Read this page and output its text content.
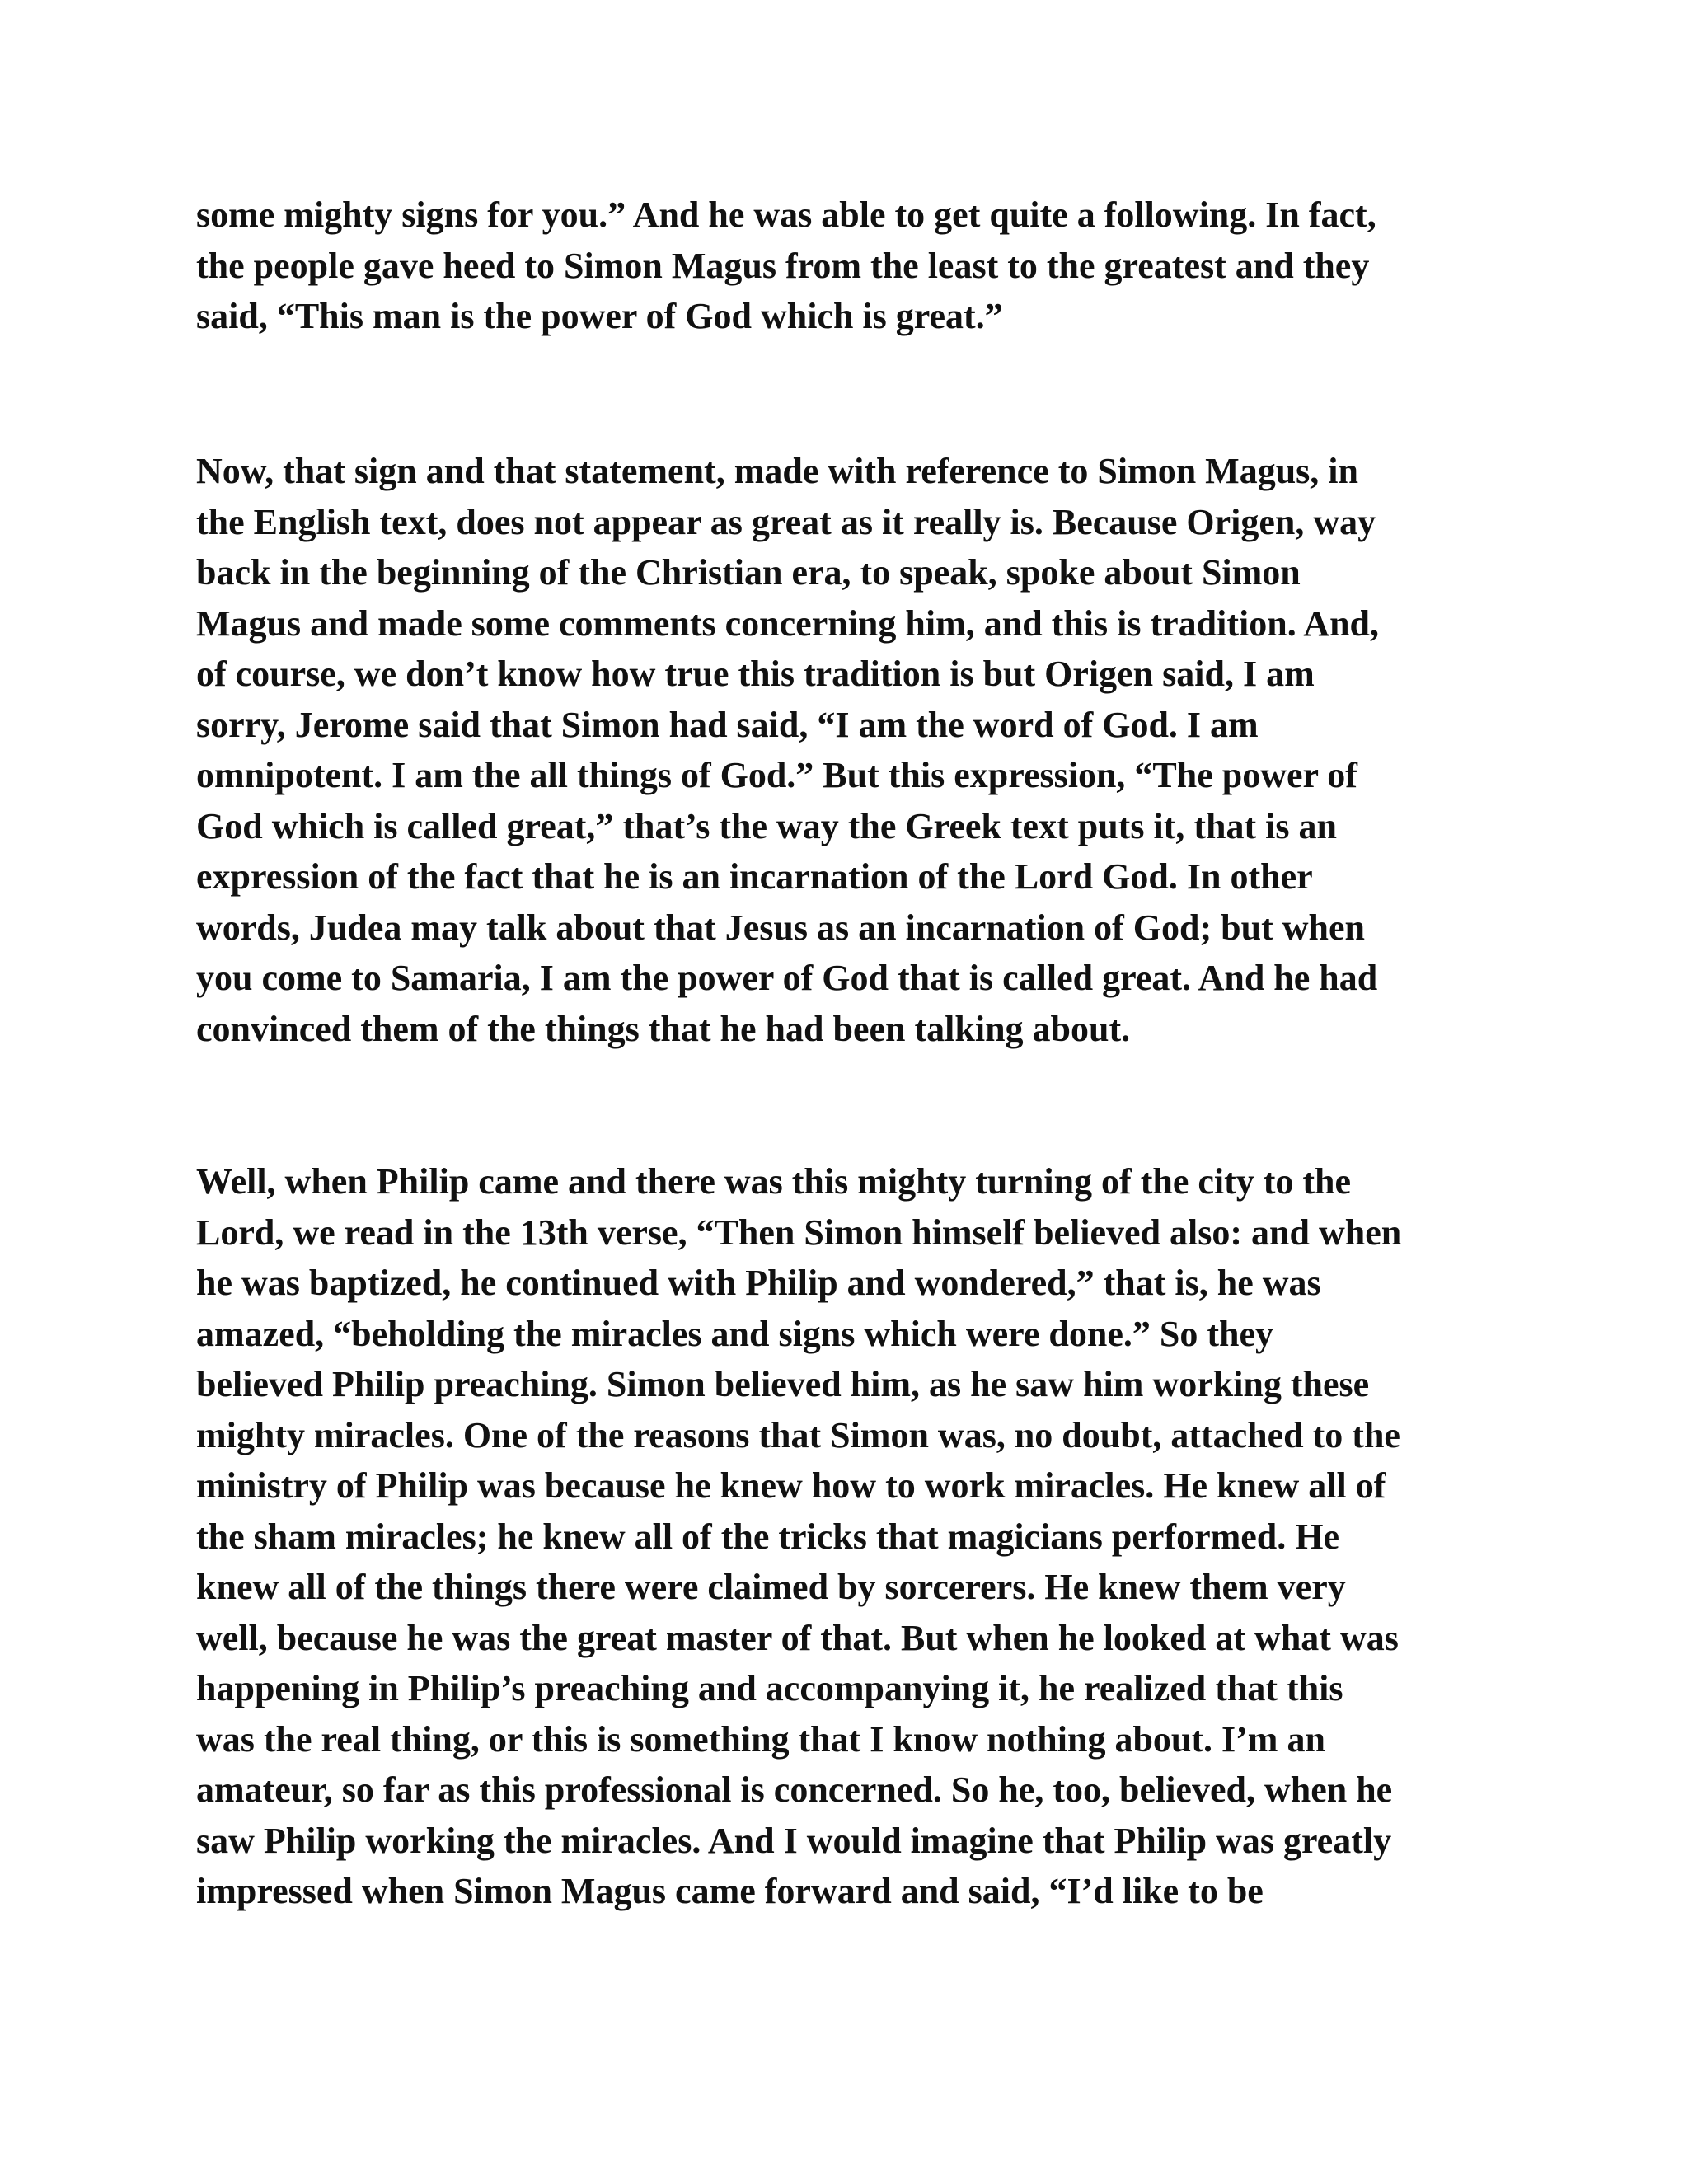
some mighty signs for you.” And he was able to get quite a following. In fact,
the people gave heed to Simon Magus from the least to the greatest and they
said, “This man is the power of God which is great.”
Now, that sign and that statement, made with reference to Simon Magus, in
the English text, does not appear as great as it really is. Because Origen, way
back in the beginning of the Christian era, to speak, spoke about Simon
Magus and made some comments concerning him, and this is tradition. And,
of course, we don’t know how true this tradition is but Origen said, I am
sorry, Jerome said that Simon had said, “I am the word of God. I am
omnipotent. I am the all things of God.” But this expression, “The power of
God which is called great,” that’s the way the Greek text puts it, that is an
expression of the fact that he is an incarnation of the Lord God. In other
words, Judea may talk about that Jesus as an incarnation of God; but when
you come to Samaria, I am the power of God that is called great. And he had
convinced them of the things that he had been talking about.
Well, when Philip came and there was this mighty turning of the city to the
Lord, we read in the 13th verse, “Then Simon himself believed also: and when
he was baptized, he continued with Philip and wondered,” that is, he was
amazed, “beholding the miracles and signs which were done.” So they
believed Philip preaching. Simon believed him, as he saw him working these
mighty miracles. One of the reasons that Simon was, no doubt, attached to the
ministry of Philip was because he knew how to work miracles. He knew all of
the sham miracles; he knew all of the tricks that magicians performed. He
knew all of the things there were claimed by sorcerers. He knew them very
well, because he was the great master of that. But when he looked at what was
happening in Philip’s preaching and accompanying it, he realized that this
was the real thing, or this is something that I know nothing about. I’m an
amateur, so far as this professional is concerned. So he, too, believed, when he
saw Philip working the miracles. And I would imagine that Philip was greatly
impressed when Simon Magus came forward and said, “I’d like to be
